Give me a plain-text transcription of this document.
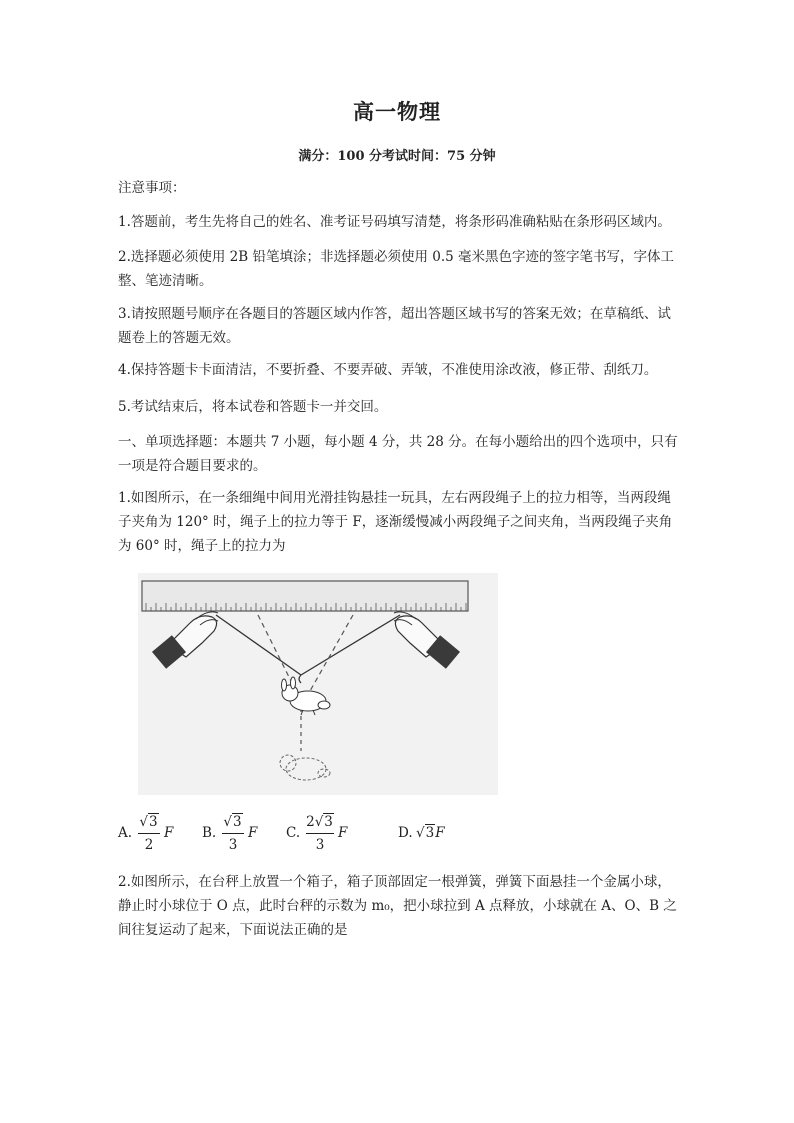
高一物理
满分：100 分考试时间：75 分钟
注意事项：
1.答题前，考生先将自己的姓名、准考证号码填写清楚，将条形码准确粘贴在条形码区域内。
2.选择题必须使用 2B 铅笔填涂；非选择题必须使用 0.5 毫米黑色字迹的签字笔书写，字体工整、笔迹清晰。
3.请按照题号顺序在各题目的答题区域内作答，超出答题区域书写的答案无效；在草稿纸、试题卷上的答题无效。
4.保持答题卡卡面清洁，不要折叠、不要弄破、弄皱，不准使用涂改液，修正带、刮纸刀。
5.考试结束后，将本试卷和答题卡一并交回。
一、单项选择题：本题共 7 小题，每小题 4 分，共 28 分。在每小题给出的四个选项中，只有一项是符合题目要求的。
1.如图所示，在一条细绳中间用光滑挂钩悬挂一玩具，左右两段绳子上的拉力相等，当两段绳子夹角为 120° 时，绳子上的拉力等于 F，逐渐缓慢减小两段绳子之间夹角，当两段绳子夹角为 60° 时，绳子上的拉力为
A.
√3
2
F B.
√3
3
F C.
2√3
3
F	D. √3F
2.如图所示，在台秤上放置一个箱子，箱子顶部固定一根弹簧，弹簧下面悬挂一个金属小球，静止时小球位于 O 点，此时台秤的示数为 m₀，把小球拉到 A 点释放，小球就在 A、O、B 之间往复运动了起来，下面说法正确的是
